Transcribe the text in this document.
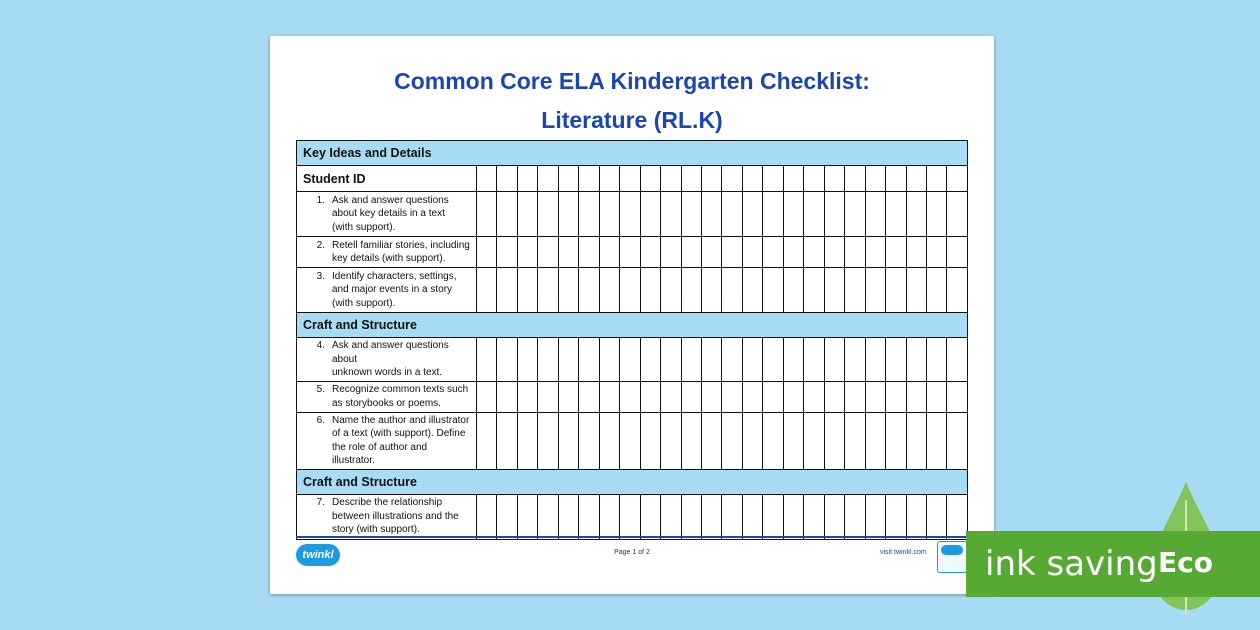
Common Core ELA Kindergarten Checklist:
Literature (RL.K)
Key Ideas and Details																								
Student ID																								

1. Ask and answer questions
about key details in a text
(with support).																								

2. Retell familiar stories, including
key details (with support).																								

3. Identify characters, settings,
and major events in a story
(with support).																								

Craft and Structure																								

4. Ask and answer questions about
unknown words in a text.																								

5. Recognize common texts such
as storybooks or poems.																								

6. Name the author and illustrator
of a text (with support). Define
the role of author and illustrator.																								

Craft and Structure																								

7. Describe the relationship
between illustrations and the
story (with support).																								

twinkl	Page 1 of 2	visit twinkl.com ink saving Eco
